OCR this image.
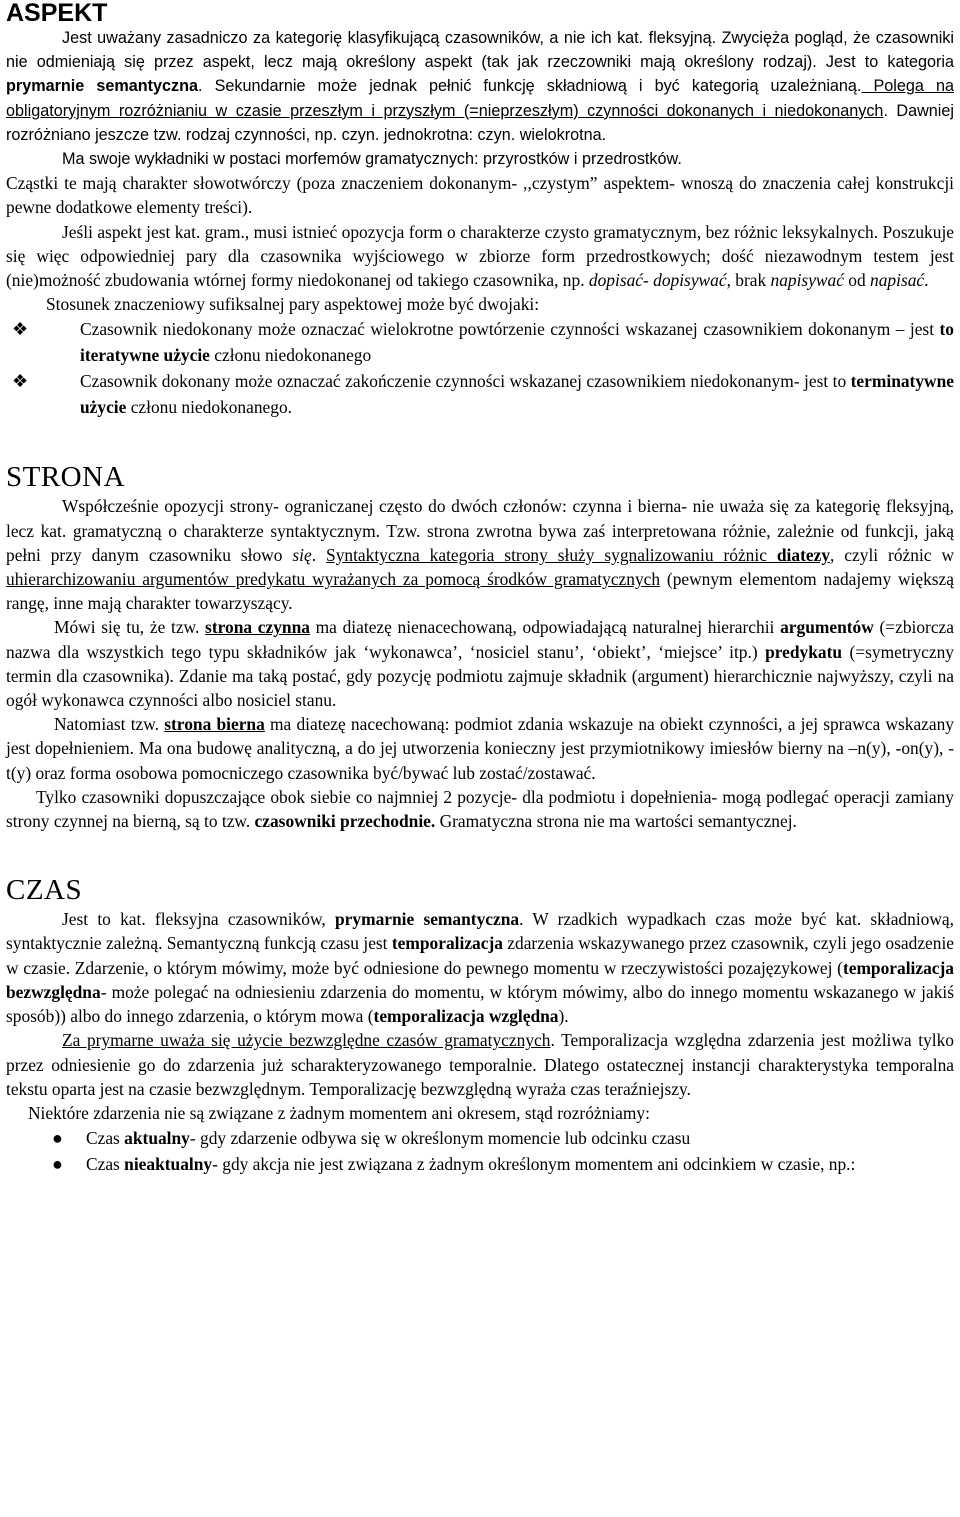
ASPEKT

Jest uważany zasadniczo za kategorię klasyfikującą czasowników, a nie ich kat. fleksyjną. Zwycięża pogląd, że czasowniki nie odmieniają się przez aspekt, lecz mają określony aspekt (tak jak rzeczowniki mają określony rodzaj). Jest to kategoria prymarnie semantyczna. Sekundarnie może jednak pełnić funkcję składniową i być kategorią uzależnianą. Polega na obligatoryjnym rozróżnianiu w czasie przeszłym i przyszłym (=nieprzeszłym) czynności dokonanych i niedokonanych. Dawniej rozróżniano jeszcze tzw. rodzaj czynności, np. czyn. jednokrotna: czyn. wielokrotna.

Ma swoje wykładniki w postaci morfemów gramatycznych: przyrostków i przedrostków.

Cząstki te mają charakter słowotwórczy (poza znaczeniem dokonanym- ,,czystym” aspektem- wnoszą do znaczenia całej konstrukcji pewne dodatkowe elementy treści).

Jeśli aspekt jest kat. gram., musi istnieć opozycja form o charakterze czysto gramatycznym, bez różnic leksykalnych. Poszukuje się więc odpowiedniej pary dla czasownika wyjściowego w zbiorze form przedrostkowych; dość niezawodnym testem jest (nie)możność zbudowania wtórnej formy niedokonanej od takiego czasownika, np. dopisać- dopisywać, brak napisywać od napisać.

Stosunek znaczeniowy sufiksalnej pary aspektowej może być dwojaki:

❖	Czasownik niedokonany może oznaczać wielokrotne powtórzenie czynności wskazanej czasownikiem dokonanym – jest to iteratywne użycie członu niedokonanego
❖	Czasownik dokonany może oznaczać zakończenie czynności wskazanej czasownikiem niedokonanym- jest to terminatywne użycie członu niedokonanego.
STRONA

Współcześnie opozycji strony- ograniczanej często do dwóch członów: czynna i bierna- nie uważa się za kategorię fleksyjną, lecz kat. gramatyczną o charakterze syntaktycznym. Tzw. strona zwrotna bywa zaś interpretowana różnie, zależnie od funkcji, jaką pełni przy danym czasowniku słowo się. Syntaktyczna kategoria strony służy sygnalizowaniu różnic diatezy, czyli różnic w uhierarchizowaniu argumentów predykatu wyrażanych za pomocą środków gramatycznych (pewnym elementom nadajemy większą rangę, inne mają charakter towarzyszący.

Mówi się tu, że tzw. strona czynna ma diatezę nienacechowaną, odpowiadającą naturalnej hierarchii argumentów (=zbiorcza nazwa dla wszystkich tego typu składników jak ‘wykonawca’, ‘nosiciel stanu’, ‘obiekt’, ‘miejsce’ itp.) predykatu (=symetryczny termin dla czasownika). Zdanie ma taką postać, gdy pozycję podmiotu zajmuje składnik (argument) hierarchicznie najwyższy, czyli na ogół wykonawca czynności albo nosiciel stanu.

Natomiast tzw. strona bierna ma diatezę nacechowaną: podmiot zdania wskazuje na obiekt czynności, a jej sprawca wskazany jest dopełnieniem. Ma ona budowę analityczną, a do jej utworzenia konieczny jest przymiotnikowy imiesłów bierny na –n(y), -on(y), -t(y) oraz forma osobowa pomocniczego czasownika być/bywać lub zostać/zostawać.

Tylko czasowniki dopuszczające obok siebie co najmniej 2 pozycje- dla podmiotu i dopełnienia- mogą podlegać operacji zamiany strony czynnej na bierną, są to tzw. czasowniki przechodnie. Gramatyczna strona nie ma wartości semantycznej.

CZAS

Jest to kat. fleksyjna czasowników, prymarnie semantyczna. W rzadkich wypadkach czas może być kat. składniową, syntaktycznie zależną. Semantyczną funkcją czasu jest temporalizacja zdarzenia wskazywanego przez czasownik, czyli jego osadzenie w czasie. Zdarzenie, o którym mówimy, może być odniesione do pewnego momentu w rzeczywistości pozajęzykowej (temporalizacja bezwzględna- może polegać na odniesieniu zdarzenia do momentu, w którym mówimy, albo do innego momentu wskazanego w jakiś sposób)) albo do innego zdarzenia, o którym mowa (temporalizacja względna).

Za prymarne uważa się użycie bezwzględne czasów gramatycznych. Temporalizacja względna zdarzenia jest możliwa tylko przez odniesienie go do zdarzenia już scharakteryzowanego temporalnie. Dlatego ostatecznej instancji charakterystyka temporalna tekstu oparta jest na czasie bezwzględnym. Temporalizację bezwzględną wyraża czas teraźniejszy.

Niektóre zdarzenia nie są związane z żadnym momentem ani okresem, stąd rozróżniamy:

● Czas aktualny- gdy zdarzenie odbywa się w określonym momencie lub odcinku czasu
● Czas nieaktualny- gdy akcja nie jest związana z żadnym określonym momentem ani odcinkiem w czasie, np.:
